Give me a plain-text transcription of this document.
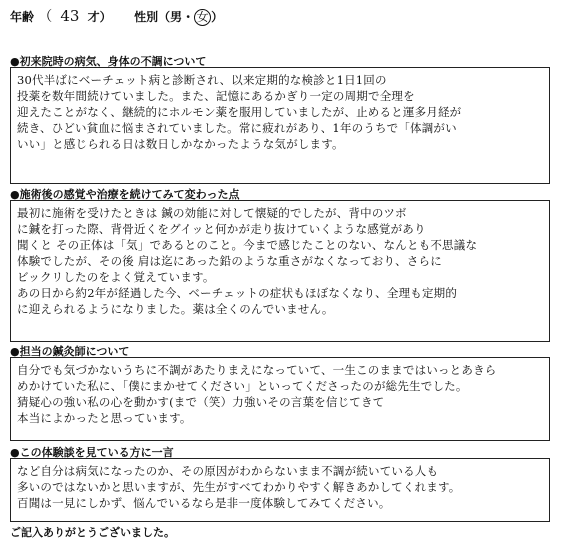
年齢 （ 43 才） 性別（男・ 女 ）
●初来院時の病気、身体の不調について
30代半ばにベーチェット病と診断され、以来定期的な検診と1日1回の
投薬を数年間続けていました。また、記憶にあるかぎり一定の周期で全理を
迎えたことがなく、継続的にホルモン薬を服用していましたが、止めると運多月経が
続き、ひどい貧血に悩まされていました。常に疲れがあり、1年のうちで「体調がい
いい」と感じられる日は数日しかなかったような気がします。
●施術後の感覚や治療を続けてみて変わった点
最初に施術を受けたときは 鍼の効能に対して懐疑的でしたが、背中のツボ
に鍼を打った際、背骨近くをグイッと何かが走り抜けていくような感覚があり
聞くと その正体は「気」であるとのこと。今まで感じたことのない、なんとも不思議な
体験でしたが、その後 肩は迄にあった鉛のような重さがなくなっており、さらに
ビックリしたのをよく覚えています。
あの日から約2年が経過した今、ベーチェットの症状もほぼなくなり、全理も定期的
に迎えられるようになりました。薬は全くのんでいません。
●担当の鍼灸師について
自分でも気づかないうちに不調があたりまえになっていて、一生このままではいっとあきら
めかけていた私に、「僕にまかせてください」といってくださったのが総先生でした。
猜疑心の強い私の心を動かす(まで（笑）力強いその言葉を信じてきて
本当によかったと思っています。
●この体験談を見ている方に一言
など自分は病気になったのか、その原因がわからないまま不調が続いている人も
多いのではないかと思いますが、先生がすべてわかりやすく解きあかしてくれます。
百聞は一見にしかず、悩んでいるなら是非一度体験してみてください。
ご記入ありがとうございました。
